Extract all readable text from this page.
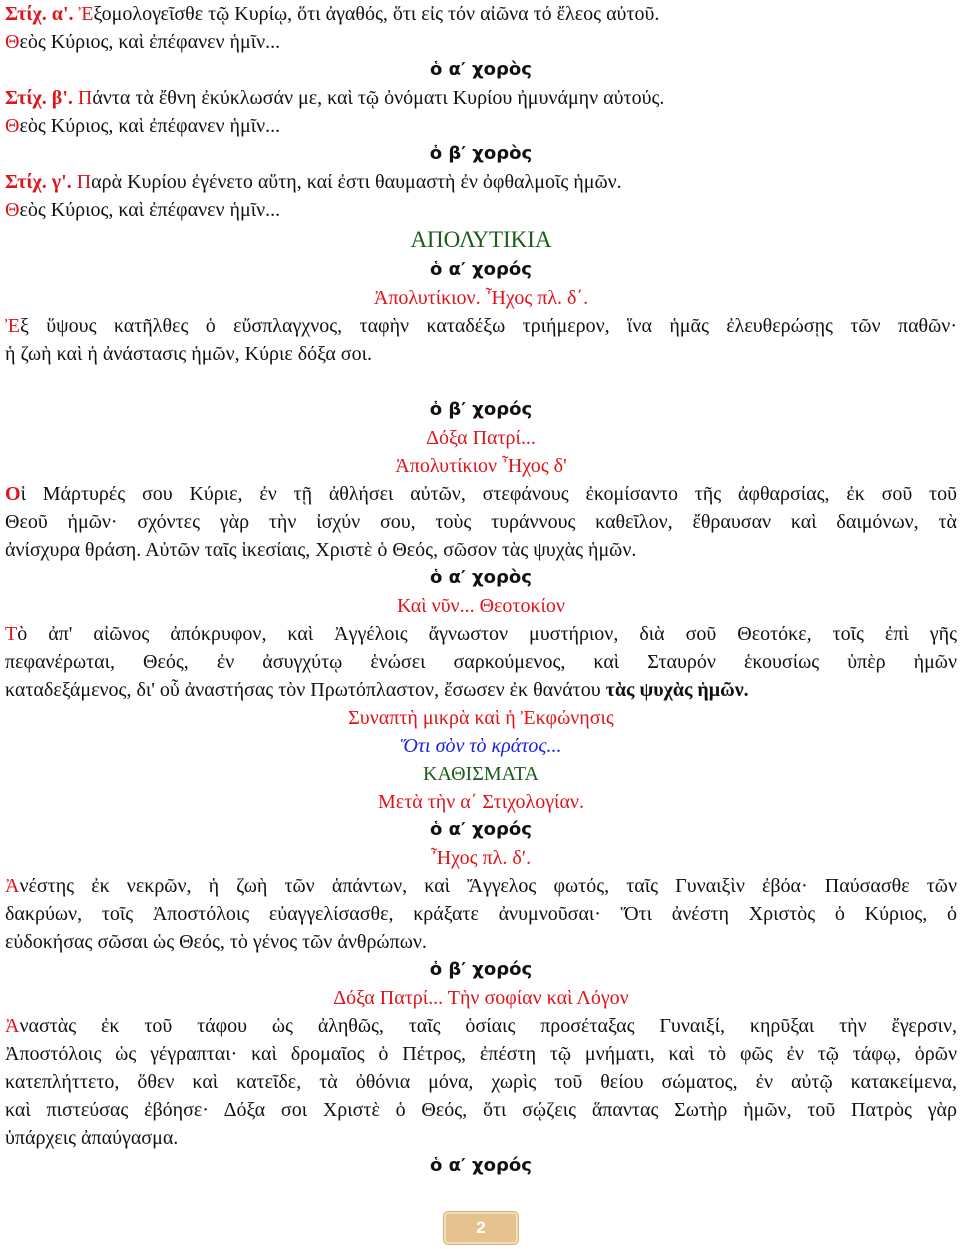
Στίχ. α'. Ἐξομολογεῖσθε τῷ Κυρίῳ, ὅτι ἀγαθός, ὅτι εἰς τόν αἰῶνα τό ἔλεος αὐτοῦ.
Θεὸς Κύριος, καὶ ἐπέφανεν ἡμῖν...
ὁ α′ χορὸς
Στίχ. β'. Πάντα τὰ ἔθνη ἐκύκλωσάν με, καὶ τῷ ὀνόματι Κυρίου ἠμυνάμην αὐτούς.
Θεὸς Κύριος, καὶ ἐπέφανεν ἡμῖν...
ὁ β′ χορὸς
Στίχ. γ'. Παρὰ Κυρίου ἐγένετο αὕτη, καί ἐστι θαυμαστὴ ἐν ὀφθαλμοῖς ἡμῶν.
Θεὸς Κύριος, καὶ ἐπέφανεν ἡμῖν...
ΑΠΟΛΥΤΙΚΙΑ
ὁ α′ χορός
Ἀπολυτίκιον. Ἦχος πλ. δ΄.
Ἐξ ὕψους κατῆλθες ὁ εὔσπλαγχνος, ταφὴν καταδέξω τριήμερον, ἵνα ἡμᾶς ἐλευθερώσῃς τῶν παθῶν·
ἡ ζωὴ καὶ ἡ ἀνάστασις ἡμῶν, Κύριε δόξα σοι.
ὁ β′ χορός
Δόξα Πατρί...
Ἀπολυτίκιον Ἦχος δ'
Οἱ Μάρτυρές σου Κύριε, ἐν τῇ ἀθλήσει αὐτῶν, στεφάνους ἐκομίσαντο τῆς ἀφθαρσίας, ἐκ σοῦ τοῦ
Θεοῦ ἡμῶν· σχόντες γὰρ τὴν ἰσχύν σου, τοὺς τυράννους καθεῖλον, ἔθραυσαν καὶ δαιμόνων, τὰ
ἀνίσχυρα θράση. Αὐτῶν ταῖς ἱκεσίαις, Χριστὲ ὁ Θεός, σῶσον τὰς ψυχὰς ἡμῶν.
ὁ α′ χορὸς
Καὶ νῦν... Θεοτοκίον
Τὸ ἀπ' αἰῶνος ἀπόκρυφον, καὶ Ἀγγέλοις ἄγνωστον μυστήριον, διὰ σοῦ Θεοτόκε, τοῖς ἐπὶ γῆς
πεφανέρωται, Θεός, ἐν ἀσυγχύτῳ ἑνώσει σαρκούμενος, καὶ Σταυρόν ἑκουσίως ὑπὲρ ἡμῶν
καταδεξάμενος, δι' οὗ ἀναστήσας τὸν Πρωτόπλαστον, ἔσωσεν ἐκ θανάτου τὰς ψυχὰς ἡμῶν.
Συναπτὴ μικρὰ καὶ ἡ Ἐκφώνησις
Ὅτι σὸν τὸ κράτος...
ΚΑΘΙΣΜΑΤΑ
Μετὰ τὴν α΄ Στιχολογίαν.
ὁ α′ χορός
Ἦχος πλ. δ′.
Ἀνέστης ἐκ νεκρῶν, ἡ ζωὴ τῶν ἁπάντων, καὶ Ἄγγελος φωτός, ταῖς Γυναιξὶν ἐβόα· Παύσασθε τῶν
δακρύων, τοῖς Ἀποστόλοις εὐαγγελίσασθε, κράξατε ἀνυμνοῦσαι· Ὅτι ἀνέστη Χριστὸς ὁ Κύριος, ὁ
εὐδοκήσας σῶσαι ὡς Θεός, τὸ γένος τῶν ἀνθρώπων.
ὁ β′ χορός
Δόξα Πατρί... Τὴν σοφίαν καὶ Λόγον
Ἀναστὰς ἐκ τοῦ τάφου ὡς ἀληθῶς, ταῖς ὁσίαις προσέταξας Γυναιξί, κηρῦξαι τὴν ἔγερσιν,
Ἀποστόλοις ὡς γέγραπται· καὶ δρομαῖος ὁ Πέτρος, ἐπέστη τῷ μνήματι, καὶ τὸ φῶς ἐν τῷ τάφῳ, ὁρῶν
κατεπλήττετο, ὅθεν καὶ κατεῖδε, τὰ ὀθόνια μόνα, χωρὶς τοῦ θείου σώματος, ἐν αὐτῷ κατακείμενα,
καὶ πιστεύσας ἐβόησε· Δόξα σοι Χριστὲ ὁ Θεός, ὅτι σῴζεις ἅπαντας Σωτὴρ ἡμῶν, τοῦ Πατρὸς γὰρ
ὑπάρχεις ἀπαύγασμα.
ὁ α′ χορός
2
